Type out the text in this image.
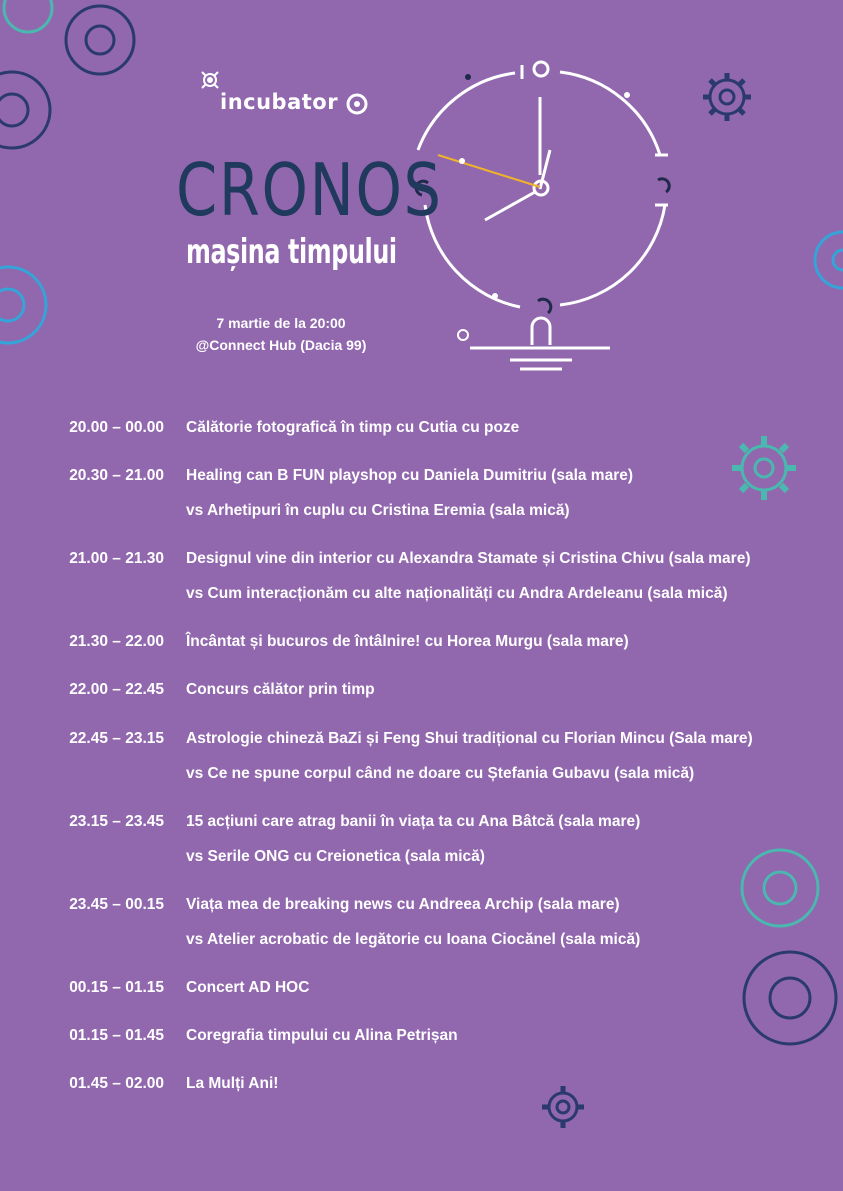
incubator
CRONOS
mașina timpului
7 martie de la 20:00
@Connect Hub (Dacia 99)
20.00 – 00.00 Călătorie fotografică în timp cu Cutia cu poze
20.30 – 21.00 Healing can B FUN playshop cu Daniela Dumitriu (sala mare)
vs Arhetipuri în cuplu cu Cristina Eremia (sala mică)
21.00 – 21.30 Designul vine din interior cu Alexandra Stamate și Cristina Chivu (sala mare)
vs Cum interacționăm cu alte naționalități cu Andra Ardeleanu (sala mică)
21.30 – 22.00 Încântat și bucuros de întâlnire! cu Horea Murgu (sala mare)
22.00 – 22.45 Concurs călător prin timp
22.45 – 23.15 Astrologie chineză BaZi și Feng Shui tradițional cu Florian Mincu (Sala mare)
vs Ce ne spune corpul când ne doare cu Ștefania Gubavu (sala mică)
23.15 – 23.45 15 acțiuni care atrag banii în viața ta cu Ana Bâtcă (sala mare)
vs Serile ONG cu Creionetica (sala mică)
23.45 – 00.15 Viața mea de breaking news cu Andreea Archip (sala mare)
vs Atelier acrobatic de legătorie cu Ioana Ciocănel (sala mică)
00.15 – 01.15 Concert AD HOC
01.15 – 01.45 Coregrafia timpului cu Alina Petrișan
01.45 – 02.00 La Mulți Ani!
